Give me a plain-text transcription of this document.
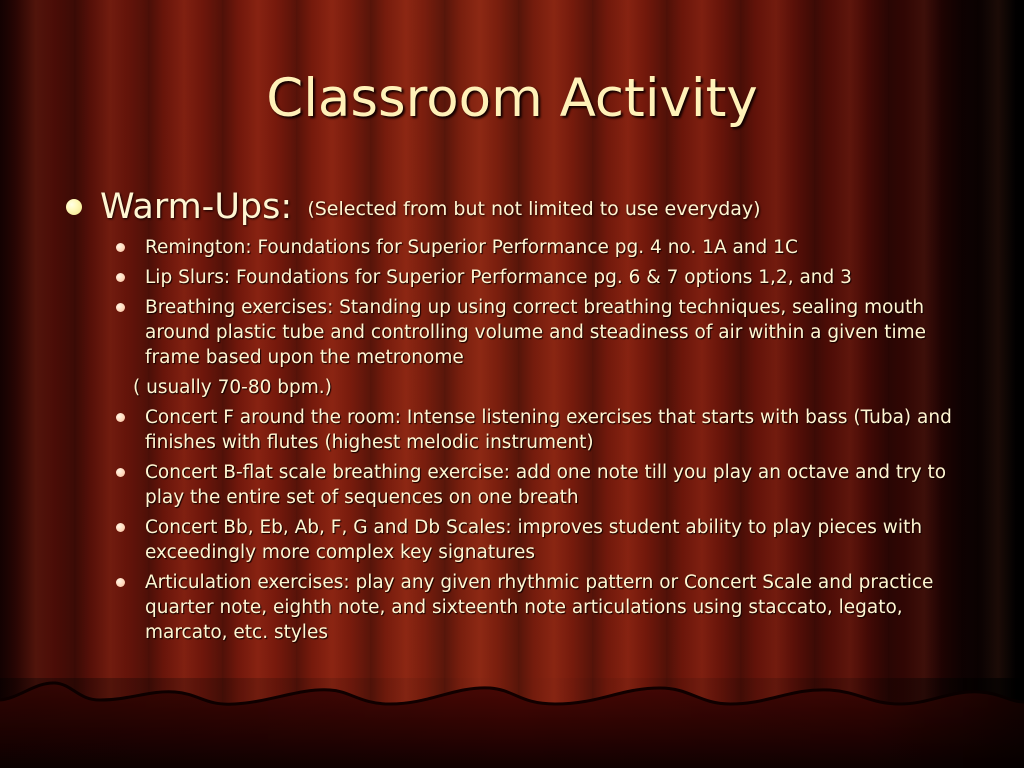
Classroom Activity
Warm-Ups: (Selected from but not limited to use everyday)
Remington: Foundations for Superior Performance pg. 4 no. 1A and 1C
Lip Slurs: Foundations for Superior Performance pg. 6 & 7 options 1,2, and 3
Breathing exercises: Standing up using correct breathing techniques, sealing mouth around plastic tube and controlling volume and steadiness of air within a given time frame based upon the metronome
( usually 70-80 bpm.)
Concert F around the room: Intense listening exercises that starts with bass (Tuba) and finishes with flutes (highest melodic instrument)
Concert B-flat scale breathing exercise: add one note till you play an octave and try to play the entire set of sequences on one breath
Concert Bb, Eb, Ab, F, G and Db Scales: improves student ability to play pieces with exceedingly more complex key signatures
Articulation exercises: play any given rhythmic pattern or Concert Scale and practice quarter note, eighth note, and sixteenth note articulations using staccato, legato, marcato, etc. styles
